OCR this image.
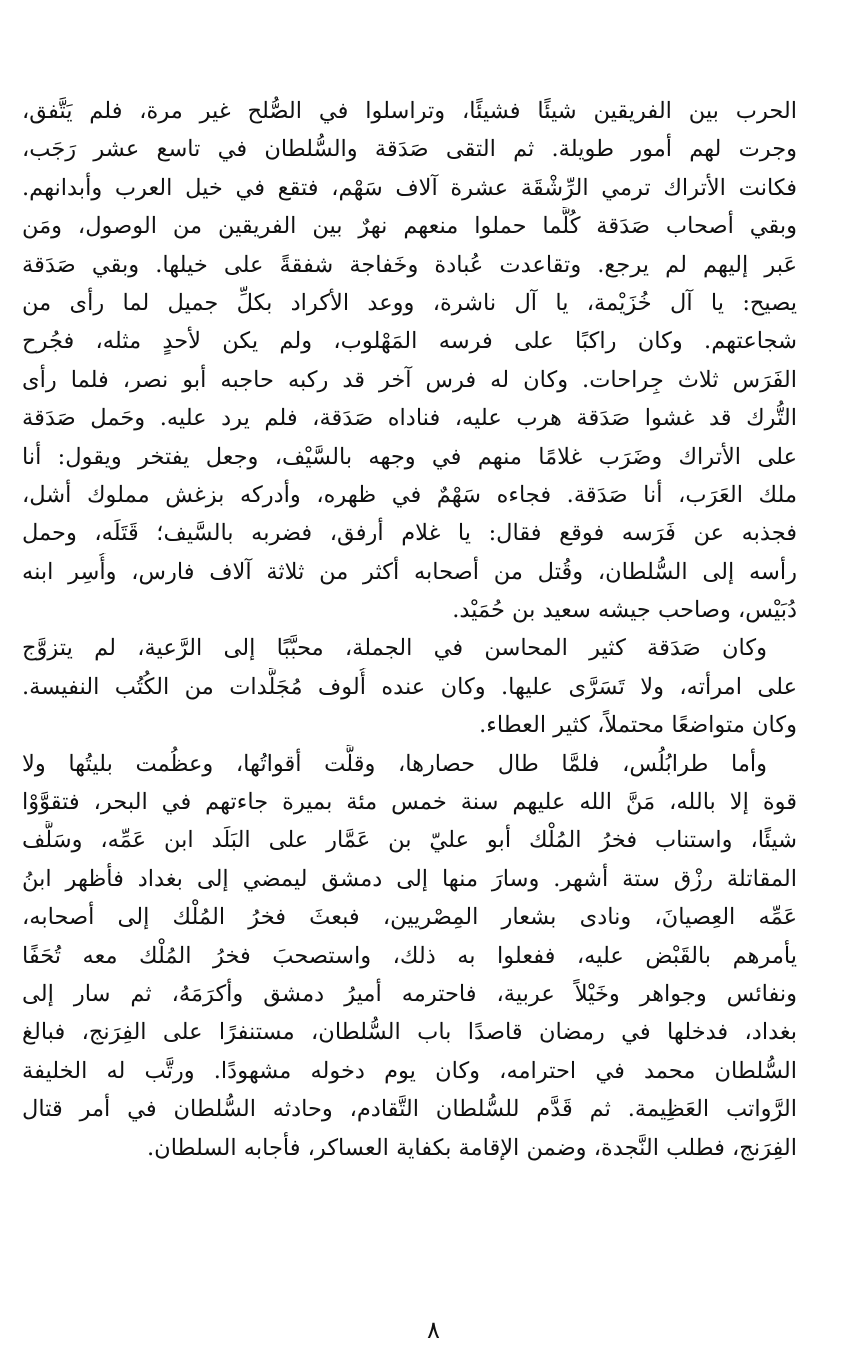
الحرب بين الفريقين شيئًا فشيئًا، وتراسلوا في الصُّلح غير مرة، فلم يَتَّفق،
وجرت لهم أمور طويلة. ثم التقى صَدَقة والسُّلطان في تاسع عشر رَجَب،
فكانت الأتراك ترمي الرِّشْقَة عشرة آلاف سَهْم، فتقع في خيل العرب وأبدانهم.
وبقي أصحاب صَدَقة كُلَّما حملوا منعهم نهرٌ بين الفريقين من الوصول، ومَن
عَبر إليهم لم يرجع. وتقاعدت عُبادة وخَفاجة شفقةً على خيلها. وبقي صَدَقة
يصيح: يا آل خُزَيْمة، يا آل ناشرة، ووعد الأكراد بكلِّ جميل لما رأى من
شجاعتهم. وكان راكبًا على فرسه المَهْلوب، ولم يكن لأحدٍ مثله، فجُرح
الفَرَس ثلاث جِراحات. وكان له فرس آخر قد ركبه حاجبه أبو نصر، فلما رأى
التُّرك قد غشوا صَدَقة هرب عليه، فناداه صَدَقة، فلم يرد عليه. وحَمل صَدَقة
على الأتراك وضَرَب غلامًا منهم في وجهه بالسَّيْف، وجعل يفتخر ويقول: أنا
ملك العَرَب، أنا صَدَقة. فجاءه سَهْمٌ في ظهره، وأدركه بزغش مملوك أشل،
فجذبه عن فَرَسه فوقع فقال: يا غلام أرفق، فضربه بالسَّيف؛ قَتَلَه، وحمل
رأسه إلى السُّلطان، وقُتل من أصحابه أكثر من ثلاثة آلاف فارس، وأُسِر ابنه
دُبَيْس، وصاحب جيشه سعيد بن حُمَيْد.
وكان صَدَقة كثير المحاسن في الجملة، محبَّبًا إلى الرَّعية، لم يتزوَّج
على امرأته، ولا تَسَرَّى عليها. وكان عنده أُلوف مُجَلَّدات من الكُتُب النفيسة.
وكان متواضعًا محتملاً، كثير العطاء.
وأما طرابُلُس، فلمَّا طال حصارها، وقلَّت أقواتُها، وعظُمت بليتُها ولا
قوة إلا بالله، مَنَّ الله عليهم سنة خمس مئة بميرة جاءتهم في البحر، فتقوَّوْا
شيئًا، واستناب فخرُ المُلْك أبو عليّ بن عَمَّار على البَلَد ابن عَمِّه، وسَلَّف
المقاتلة رزْق ستة أشهر. وسارَ منها إلى دمشق ليمضي إلى بغداد فأظهر ابنُ
عَمِّه العِصيانَ، ونادى بشعار المِصْريين، فبعثَ فخرُ المُلْك إلى أصحابه،
يأمرهم بالقَبْض عليه، ففعلوا به ذلك، واستصحبَ فخرُ المُلْك معه تُحَفًا
ونفائس وجواهر وخَيْلاً عربية، فاحترمه أميرُ دمشق وأكرَمَهُ، ثم سار إلى
بغداد، فدخلها في رمضان قاصدًا باب السُّلطان، مستنفرًا على الفِرَنج، فبالغ
السُّلطان محمد في احترامه، وكان يوم دخوله مشهودًا. ورتَّب له الخليفة
الرَّواتب العَظِيمة. ثم قَدَّم للسُّلطان التَّقادم، وحادثه السُّلطان في أمر قتال
الفِرَنج، فطلب النَّجدة، وضمن الإقامة بكفاية العساكر، فأجابه السلطان.
٨
